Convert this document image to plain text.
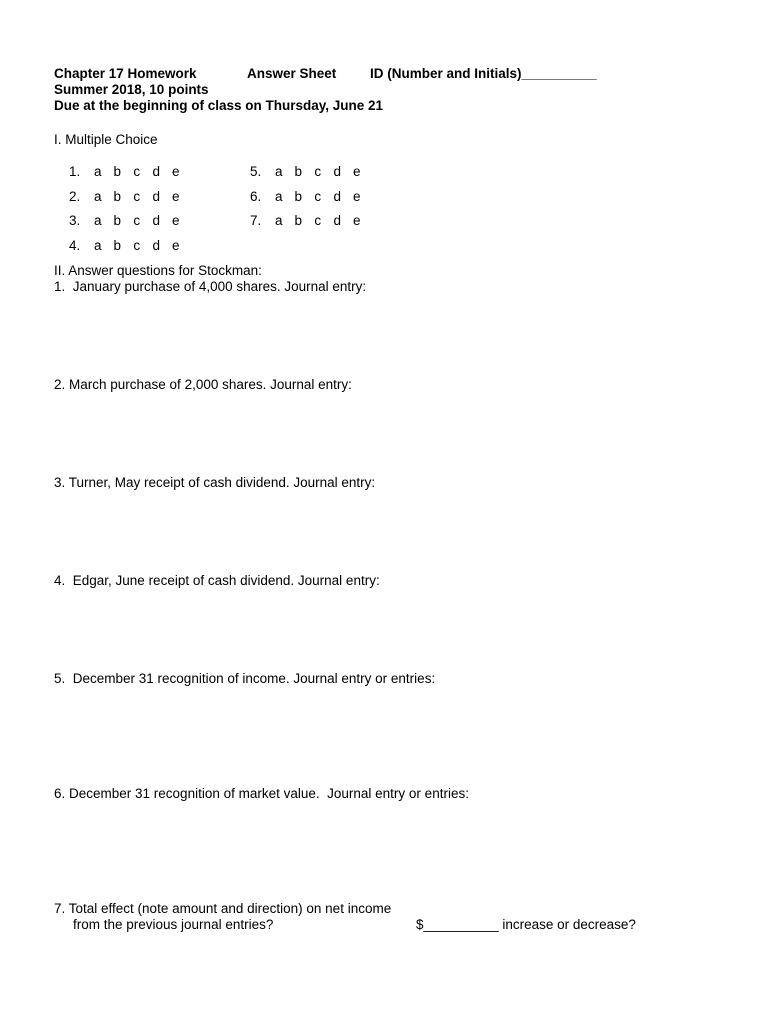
Chapter 17 Homework	Answer Sheet ID (Number and Initials)__________
Summer 2018, 10 points
Due at the beginning of class on Thursday, June 21
I. Multiple Choice

1. a b c d e

2. a b c d e

3. a b c d e

4. a b c d e

5. a b c d e

6. a b c d e

7. a b c d e

II. Answer questions for Stockman:
1.  January purchase of 4,000 shares. Journal entry:
2. March purchase of 2,000 shares. Journal entry:
3. Turner, May receipt of cash dividend. Journal entry:
4.  Edgar, June receipt of cash dividend. Journal entry:
5.  December 31 recognition of income. Journal entry or entries:
6. December 31 recognition of market value.  Journal entry or entries:
7. Total effect (note amount and direction) on net income
from the previous journal entries?	$__________ increase or decrease?
